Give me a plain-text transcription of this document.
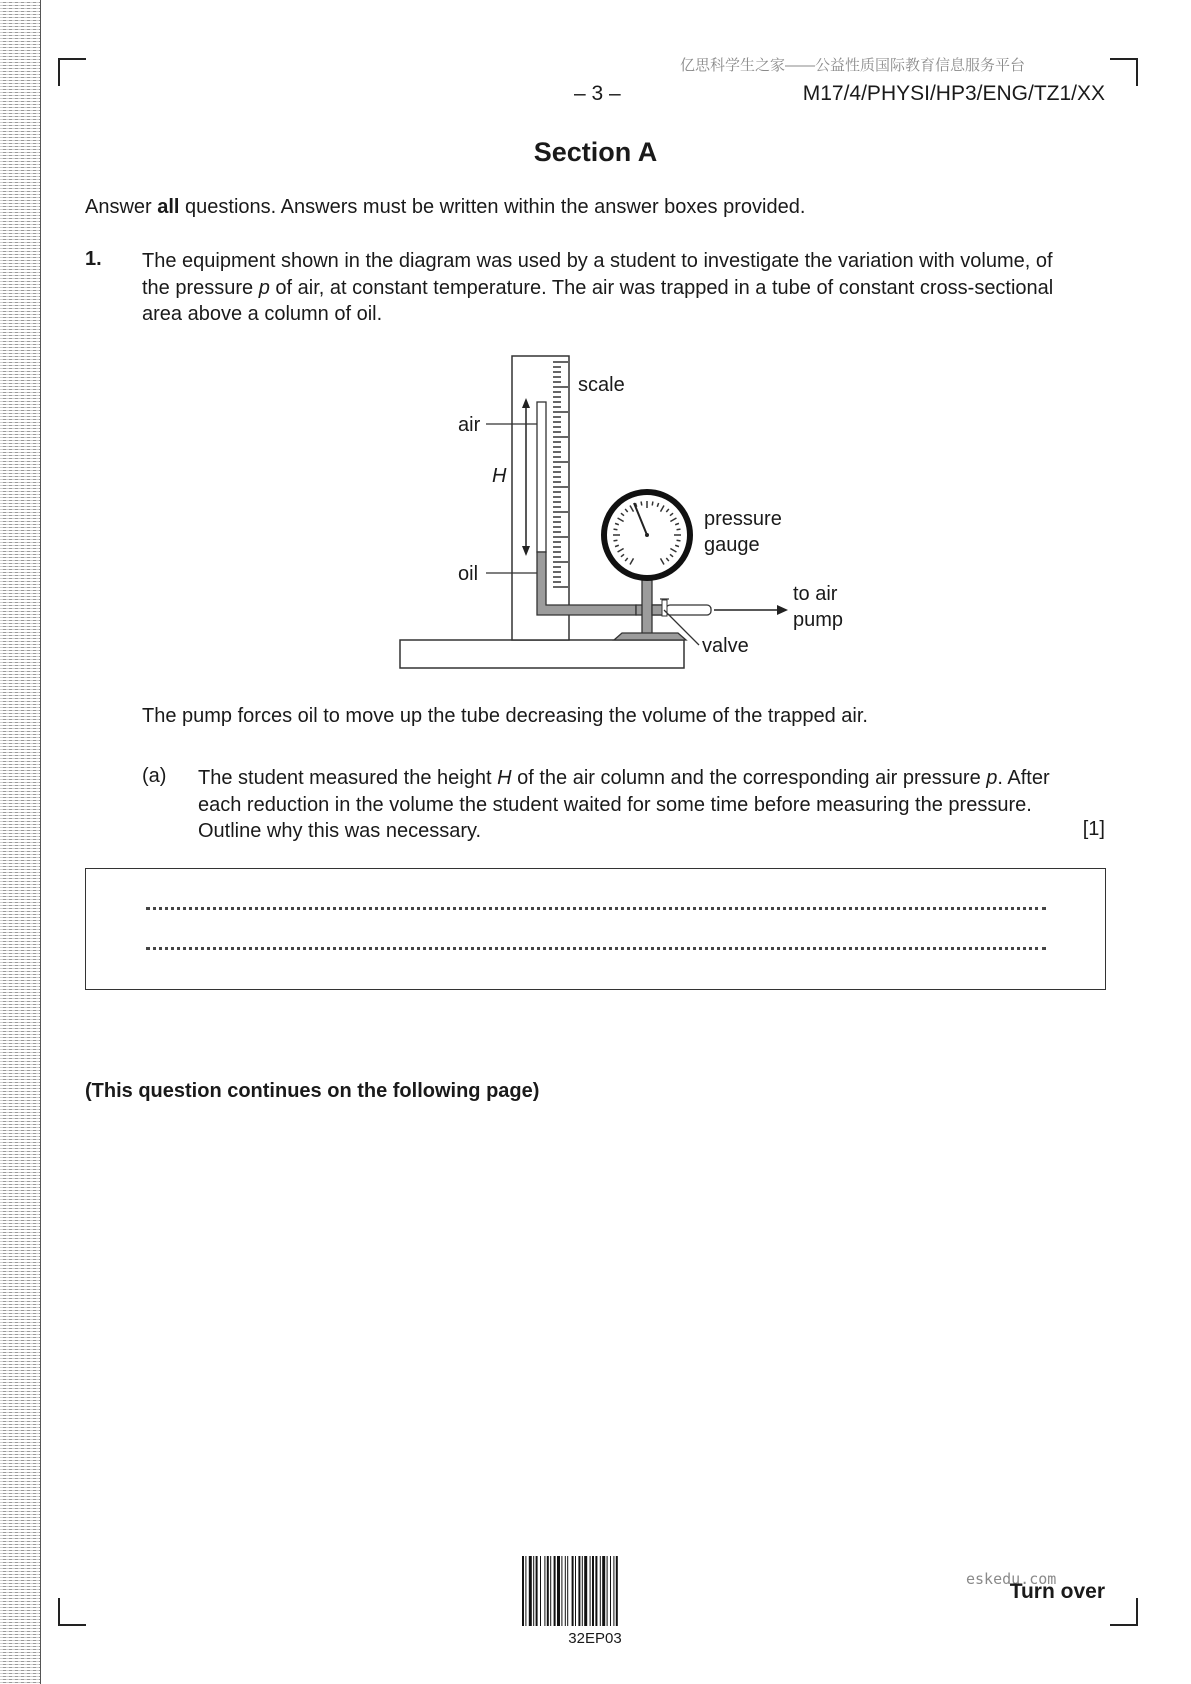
亿思科学生之家——公益性质国际教育信息服务平台
– 3 –	M17/4/PHYSI/HP3/ENG/TZ1/XX
Section A
Answer all questions. Answers must be written within the answer boxes provided.
1. The equipment shown in the diagram was used by a student to investigate the variation with volume, of the pressure p of air, at constant temperature. The air was trapped in a tube of constant cross-sectional area above a column of oil.
scale
air
H
oil
pressure
gauge
to air
pump
valve
The pump forces oil to move up the tube decreasing the volume of the trapped air.
(a) The student measured the height H of the air column and the corresponding air pressure p. After each reduction in the volume the student waited for some time before measuring the pressure. Outline why this was necessary.	[1]
(This question continues on the following page)
32EP03
eskedu.com
Turn over
